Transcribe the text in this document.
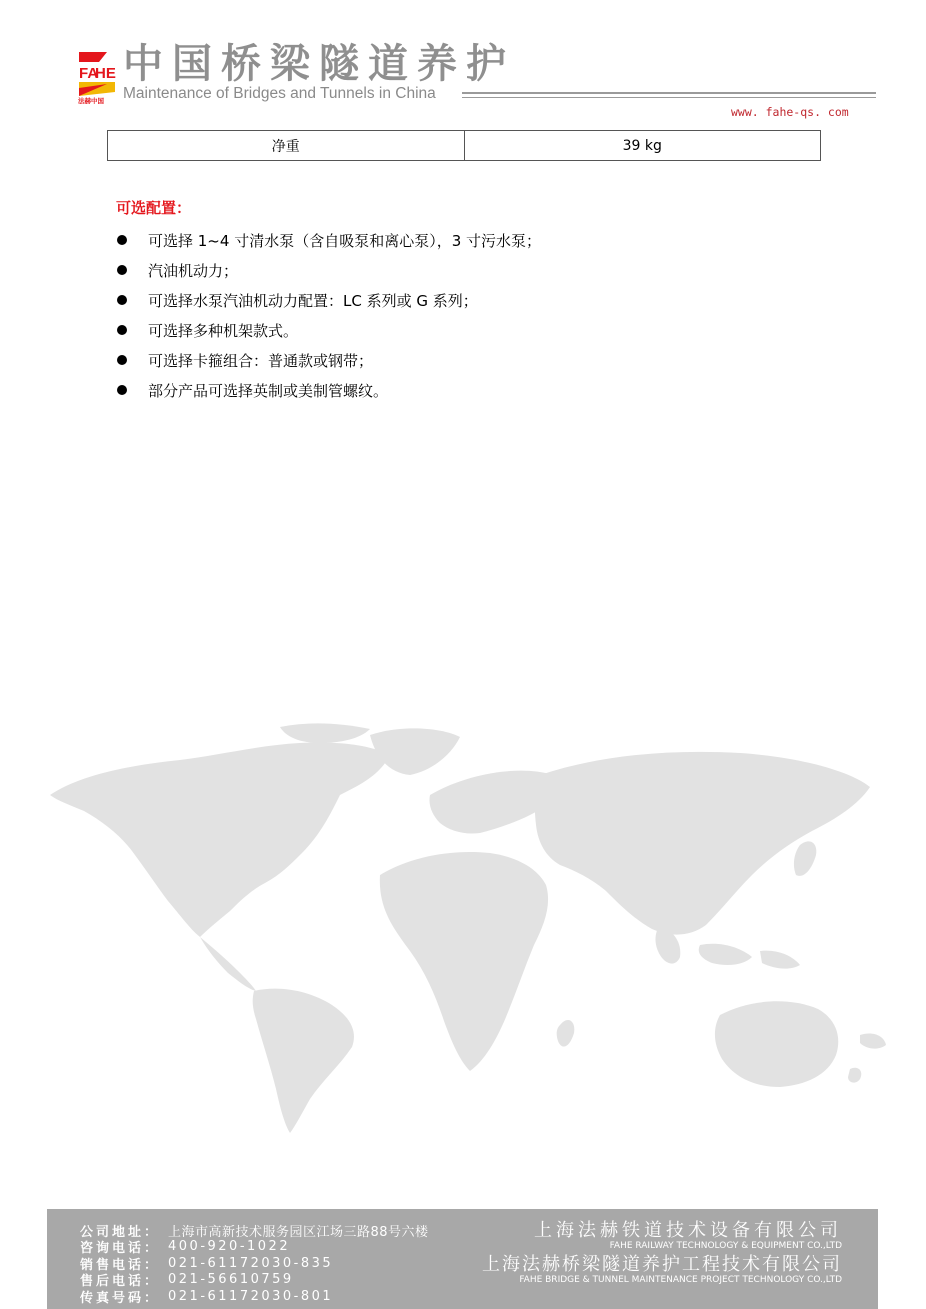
FA
HE
法赫中国
中国桥梁隧道养护
Maintenance of Bridges and Tunnels in China
www. fahe-qs. com
净重	39 kg
可选配置：
可选择 1~4 寸清水泵（含自吸泵和离心泵），3 寸污水泵；
汽油机动力；
可选择水泵汽油机动力配置：LC 系列或 G 系列；
可选择多种机架款式。
可选择卡箍组合：普通款或钢带；
部分产品可选择英制或美制管螺纹。
公司地址： 上海市高新技术服务园区江场三路88号六楼
咨询电话： 400-920-1022
销售电话： 021-61172030-835
售后电话： 021-56610759
传真号码： 021-61172030-801
上海法赫铁道技术设备有限公司
FAHE RAILWAY TECHNOLOGY & EQUIPMENT CO.,LTD
上海法赫桥梁隧道养护工程技术有限公司
FAHE BRIDGE & TUNNEL MAINTENANCE PROJECT TECHNOLOGY CO.,LTD
